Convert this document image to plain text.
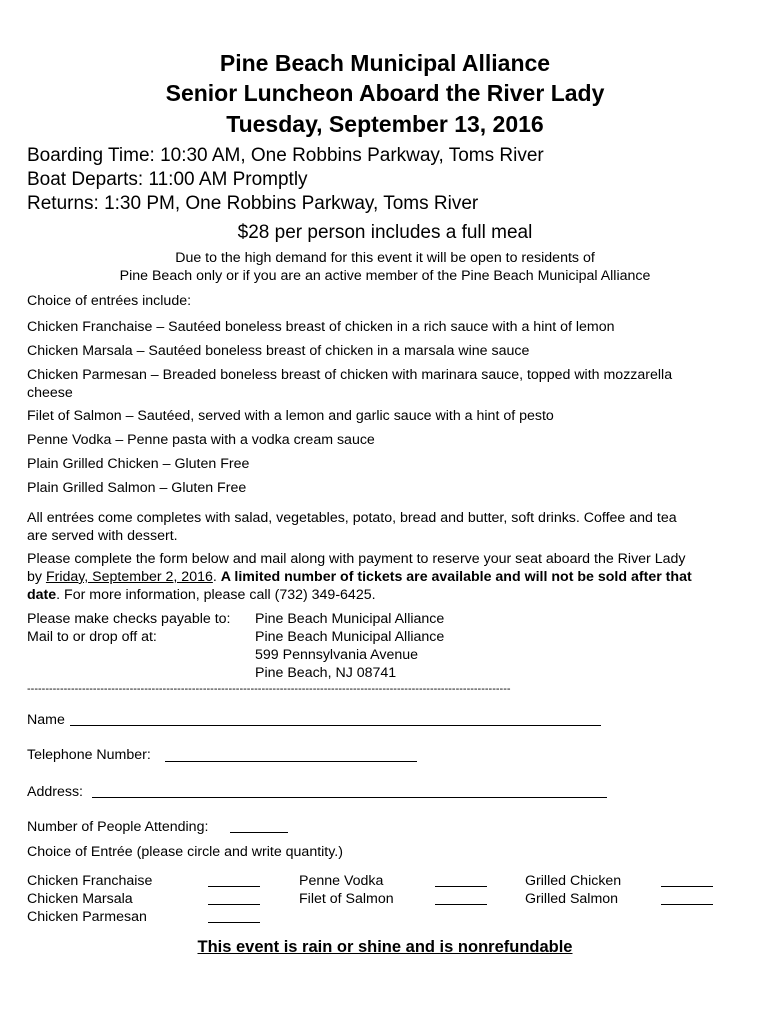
Pine Beach Municipal Alliance
Senior Luncheon Aboard the River Lady
Tuesday, September 13, 2016
Boarding Time: 10:30 AM, One Robbins Parkway, Toms River
Boat Departs: 11:00 AM Promptly
Returns: 1:30 PM, One Robbins Parkway, Toms River
$28 per person includes a full meal
Due to the high demand for this event it will be open to residents of
Pine Beach only or if you are an active member of the Pine Beach Municipal Alliance
Choice of entrées include:
Chicken Franchaise – Sautéed boneless breast of chicken in a rich sauce with a hint of lemon
Chicken Marsala – Sautéed boneless breast of chicken in a marsala wine sauce
Chicken Parmesan – Breaded boneless breast of chicken with marinara sauce, topped with mozzarella
cheese
Filet of Salmon – Sautéed, served with a lemon and garlic sauce with a hint of pesto
Penne Vodka – Penne pasta with a vodka cream sauce
Plain Grilled Chicken – Gluten Free
Plain Grilled Salmon – Gluten Free
All entrées come completes with salad, vegetables, potato, bread and butter, soft drinks. Coffee and tea
are served with dessert.
Please complete the form below and mail along with payment to reserve your seat aboard the River Lady
by Friday, September 2, 2016. A limited number of tickets are available and will not be sold after that
date. For more information, please call (732) 349-6425.
Please make checks payable to: Pine Beach Municipal Alliance
Mail to or drop off at:	Pine Beach Municipal Alliance
599 Pennsylvania Avenue
Pine Beach, NJ 08741
------------------------------------------------------------------------------------------------------------------------------------
Name
Telephone Number:
Address:
Number of People Attending:
Choice of Entrée (please circle and write quantity.)
Chicken Franchaise
Chicken Marsala
Chicken Parmesan
Penne Vodka
Filet of Salmon
Grilled Chicken
Grilled Salmon
This event is rain or shine and is nonrefundable
